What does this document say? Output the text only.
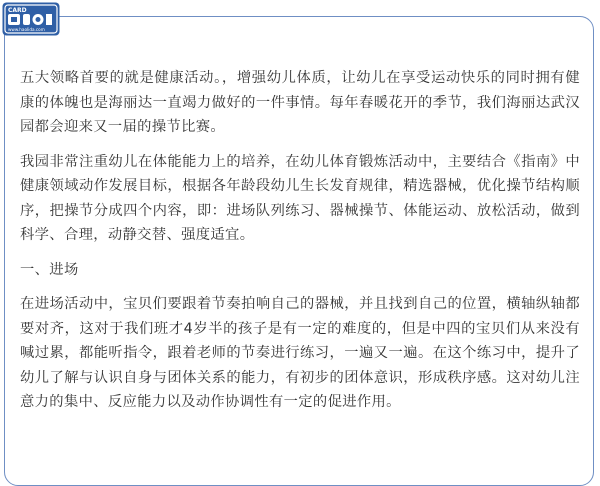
CARD
www.haolida.com

五大领略首要的就是健康活动。，增强幼儿体质，让幼儿在享受运动快乐的同时拥有健康的体魄也是海丽达一直竭力做好的一件事情。每年春暖花开的季节，我们海丽达武汉园都会迎来又一届的操节比赛。

我园非常注重幼儿在体能能力上的培养，在幼儿体育锻炼活动中，主要结合《指南》中健康领域动作发展目标，根据各年龄段幼儿生长发育规律，精选器械，优化操节结构顺序，把操节分成四个内容，即：进场队列练习、器械操节、体能运动、放松活动，做到科学、合理，动静交替、强度适宜。

一、进场

在进场活动中，宝贝们要跟着节奏拍响自己的器械，并且找到自己的位置，横轴纵轴都要对齐，这对于我们班才4岁半的孩子是有一定的难度的，但是中四的宝贝们从来没有喊过累，都能听指令，跟着老师的节奏进行练习，一遍又一遍。在这个练习中，提升了幼儿了解与认识自身与团体关系的能力，有初步的团体意识，形成秩序感。这对幼儿注意力的集中、反应能力以及动作协调性有一定的促进作用。
